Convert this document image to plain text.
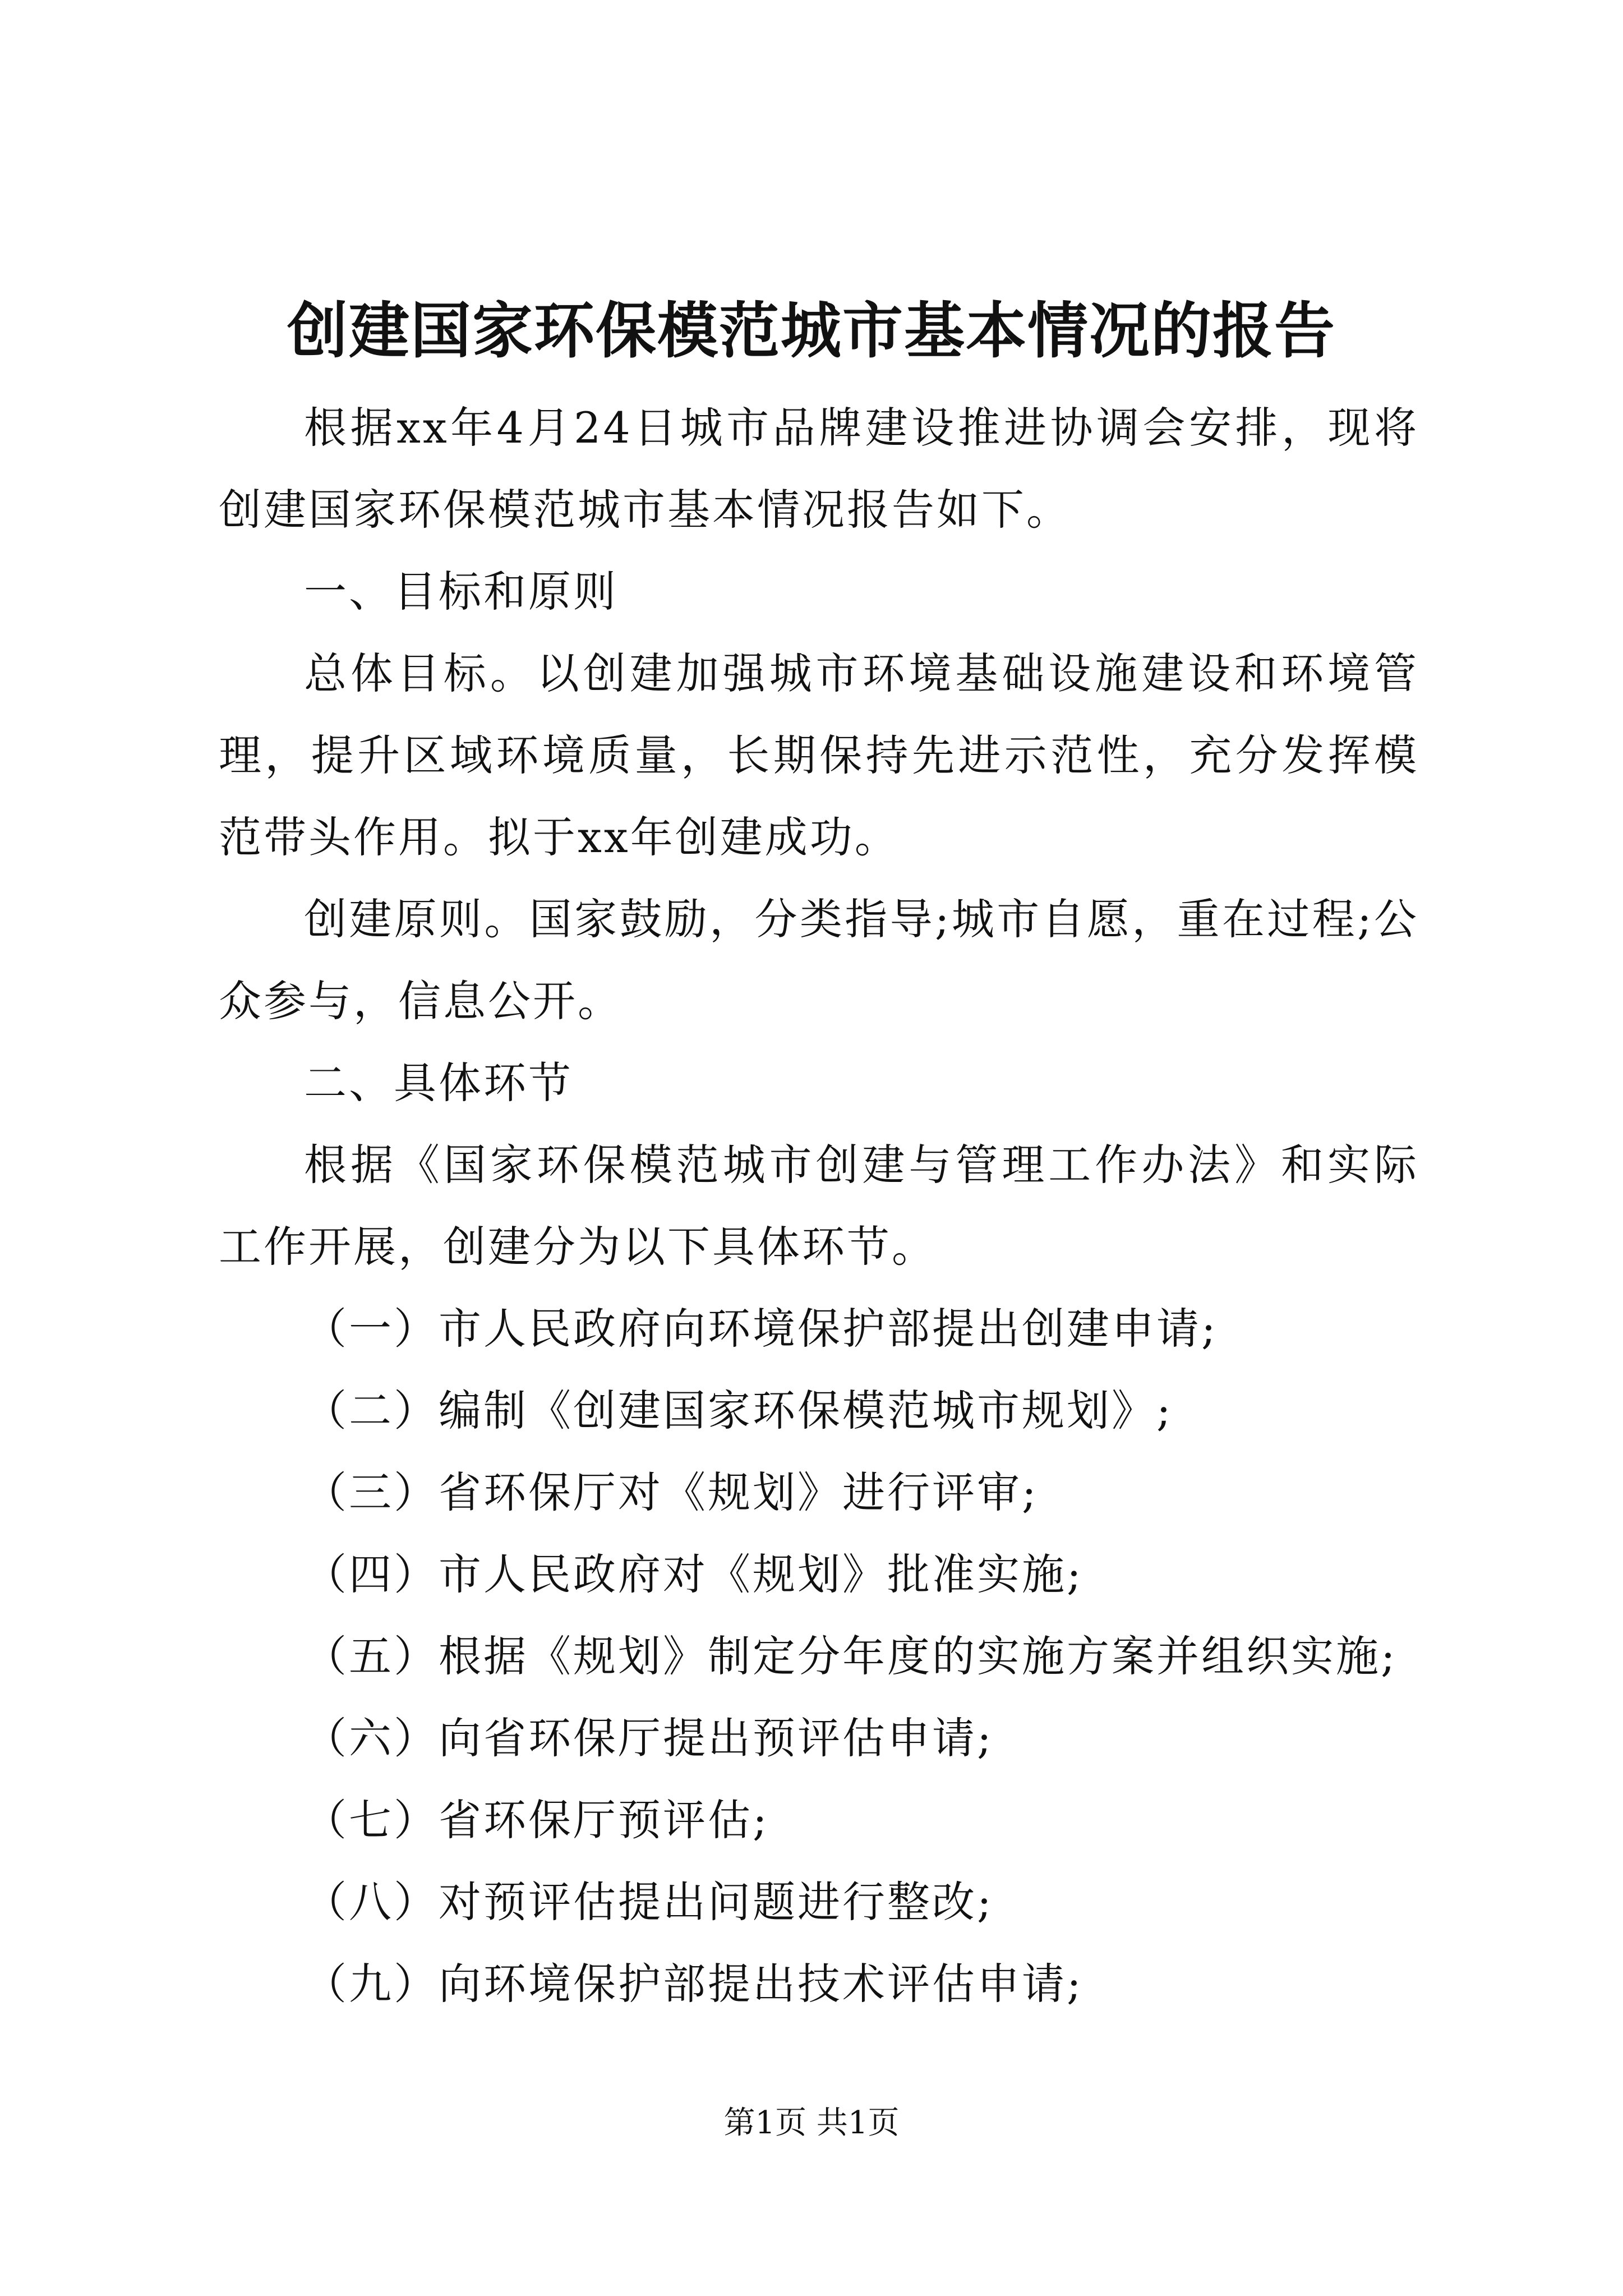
创建国家环保模范城市基本情况的报告

根据xx年4月24日城市品牌建设推进协调会安排，现将创建国家环保模范城市基本情况报告如下。

一、目标和原则

总体目标。以创建加强城市环境基础设施建设和环境管理，提升区域环境质量，长期保持先进示范性，充分发挥模范带头作用。拟于xx年创建成功。

创建原则。国家鼓励，分类指导;城市自愿，重在过程;公众参与，信息公开。

二、具体环节

根据《国家环保模范城市创建与管理工作办法》和实际工作开展，创建分为以下具体环节。

（一）市人民政府向环境保护部提出创建申请;
（二）编制《创建国家环保模范城市规划》;
（三）省环保厅对《规划》进行评审;
（四）市人民政府对《规划》批准实施;
（五）根据《规划》制定分年度的实施方案并组织实施;
（六）向省环保厅提出预评估申请;
（七）省环保厅预评估;
（八）对预评估提出问题进行整改;
（九）向环境保护部提出技术评估申请;
第1页 共1页
